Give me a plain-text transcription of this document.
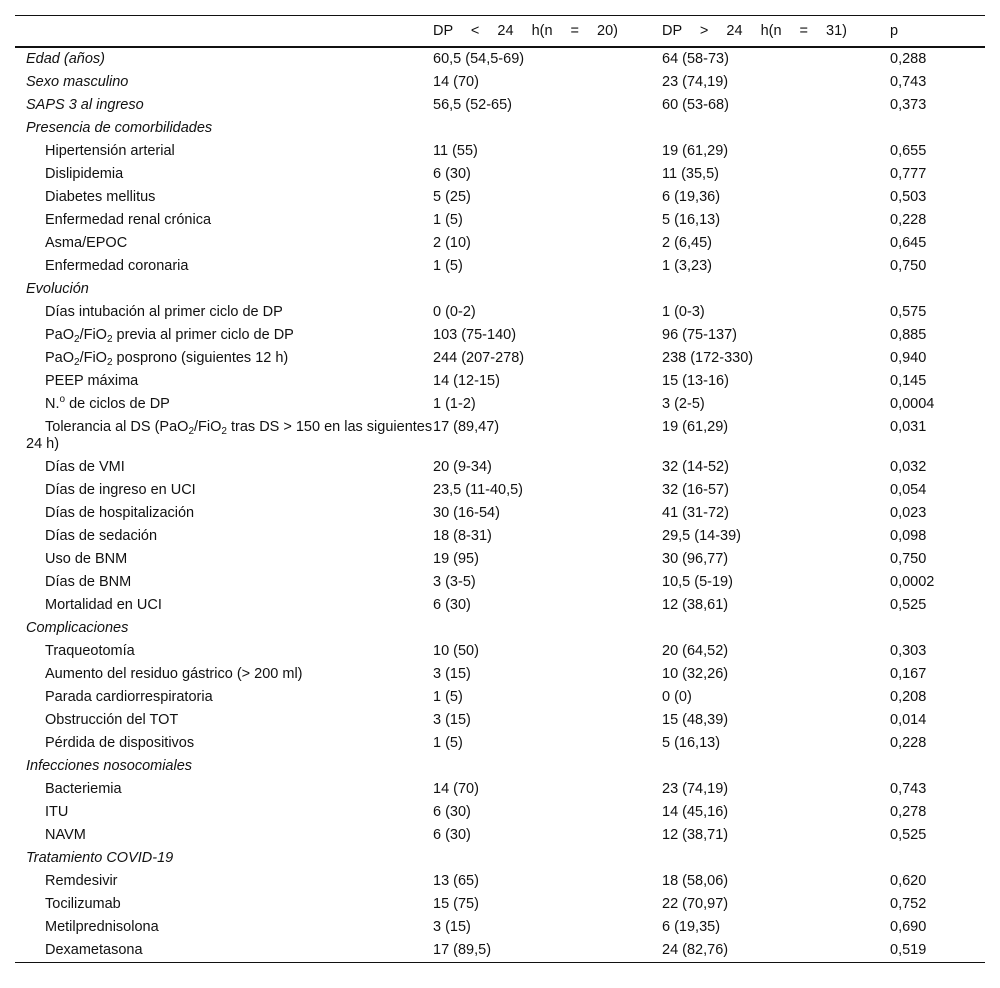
	DP < 24 h(n = 20)	DP > 24 h(n = 31)	p
Edad (años)	60,5 (54,5-69)	64 (58-73)	0,288
Sexo masculino	14 (70)	23 (74,19)	0,743
SAPS 3 al ingreso	56,5 (52-65)	60 (53-68)	0,373
Presencia de comorbilidades			
Hipertensión arterial	11 (55)	19 (61,29)	0,655
Dislipidemia	6 (30)	11 (35,5)	0,777
Diabetes mellitus	5 (25)	6 (19,36)	0,503
Enfermedad renal crónica	1 (5)	5 (16,13)	0,228
Asma/EPOC	2 (10)	2 (6,45)	0,645
Enfermedad coronaria	1 (5)	1 (3,23)	0,750
Evolución			
Días intubación al primer ciclo de DP	0 (0-2)	1 (0-3)	0,575
PaO$_2$/FiO$_2$ previa al primer ciclo de DP	103 (75-140)	96 (75-137)	0,885
PaO$_2$/FiO$_2$ posprono (siguientes 12 h)	244 (207-278)	238 (172-330)	0,940
PEEP máxima	14 (12-15)	15 (13-16)	0,145
N.$^o$ de ciclos de DP	1 (1-2)	3 (2-5)	0,0004
Tolerancia al DS (PaO$_2$/FiO$_2$ tras DS > 150 en las siguientes 24 h)	17 (89,47)	19 (61,29)	0,031
Días de VMI	20 (9-34)	32 (14-52)	0,032
Días de ingreso en UCI	23,5 (11-40,5)	32 (16-57)	0,054
Días de hospitalización	30 (16-54)	41 (31-72)	0,023
Días de sedación	18 (8-31)	29,5 (14-39)	0,098
Uso de BNM	19 (95)	30 (96,77)	0,750
Días de BNM	3 (3-5)	10,5 (5-19)	0,0002
Mortalidad en UCI	6 (30)	12 (38,61)	0,525
Complicaciones			
Traqueotomía	10 (50)	20 (64,52)	0,303
Aumento del residuo gástrico (> 200 ml)	3 (15)	10 (32,26)	0,167
Parada cardiorrespiratoria	1 (5)	0 (0)	0,208
Obstrucción del TOT	3 (15)	15 (48,39)	0,014
Pérdida de dispositivos	1 (5)	5 (16,13)	0,228
Infecciones nosocomiales			
Bacteriemia	14 (70)	23 (74,19)	0,743
ITU	6 (30)	14 (45,16)	0,278
NAVM	6 (30)	12 (38,71)	0,525
Tratamiento COVID-19			
Remdesivir	13 (65)	18 (58,06)	0,620
Tocilizumab	15 (75)	22 (70,97)	0,752
Metilprednisolona	3 (15)	6 (19,35)	0,690
Dexametasona	17 (89,5)	24 (82,76)	0,519
